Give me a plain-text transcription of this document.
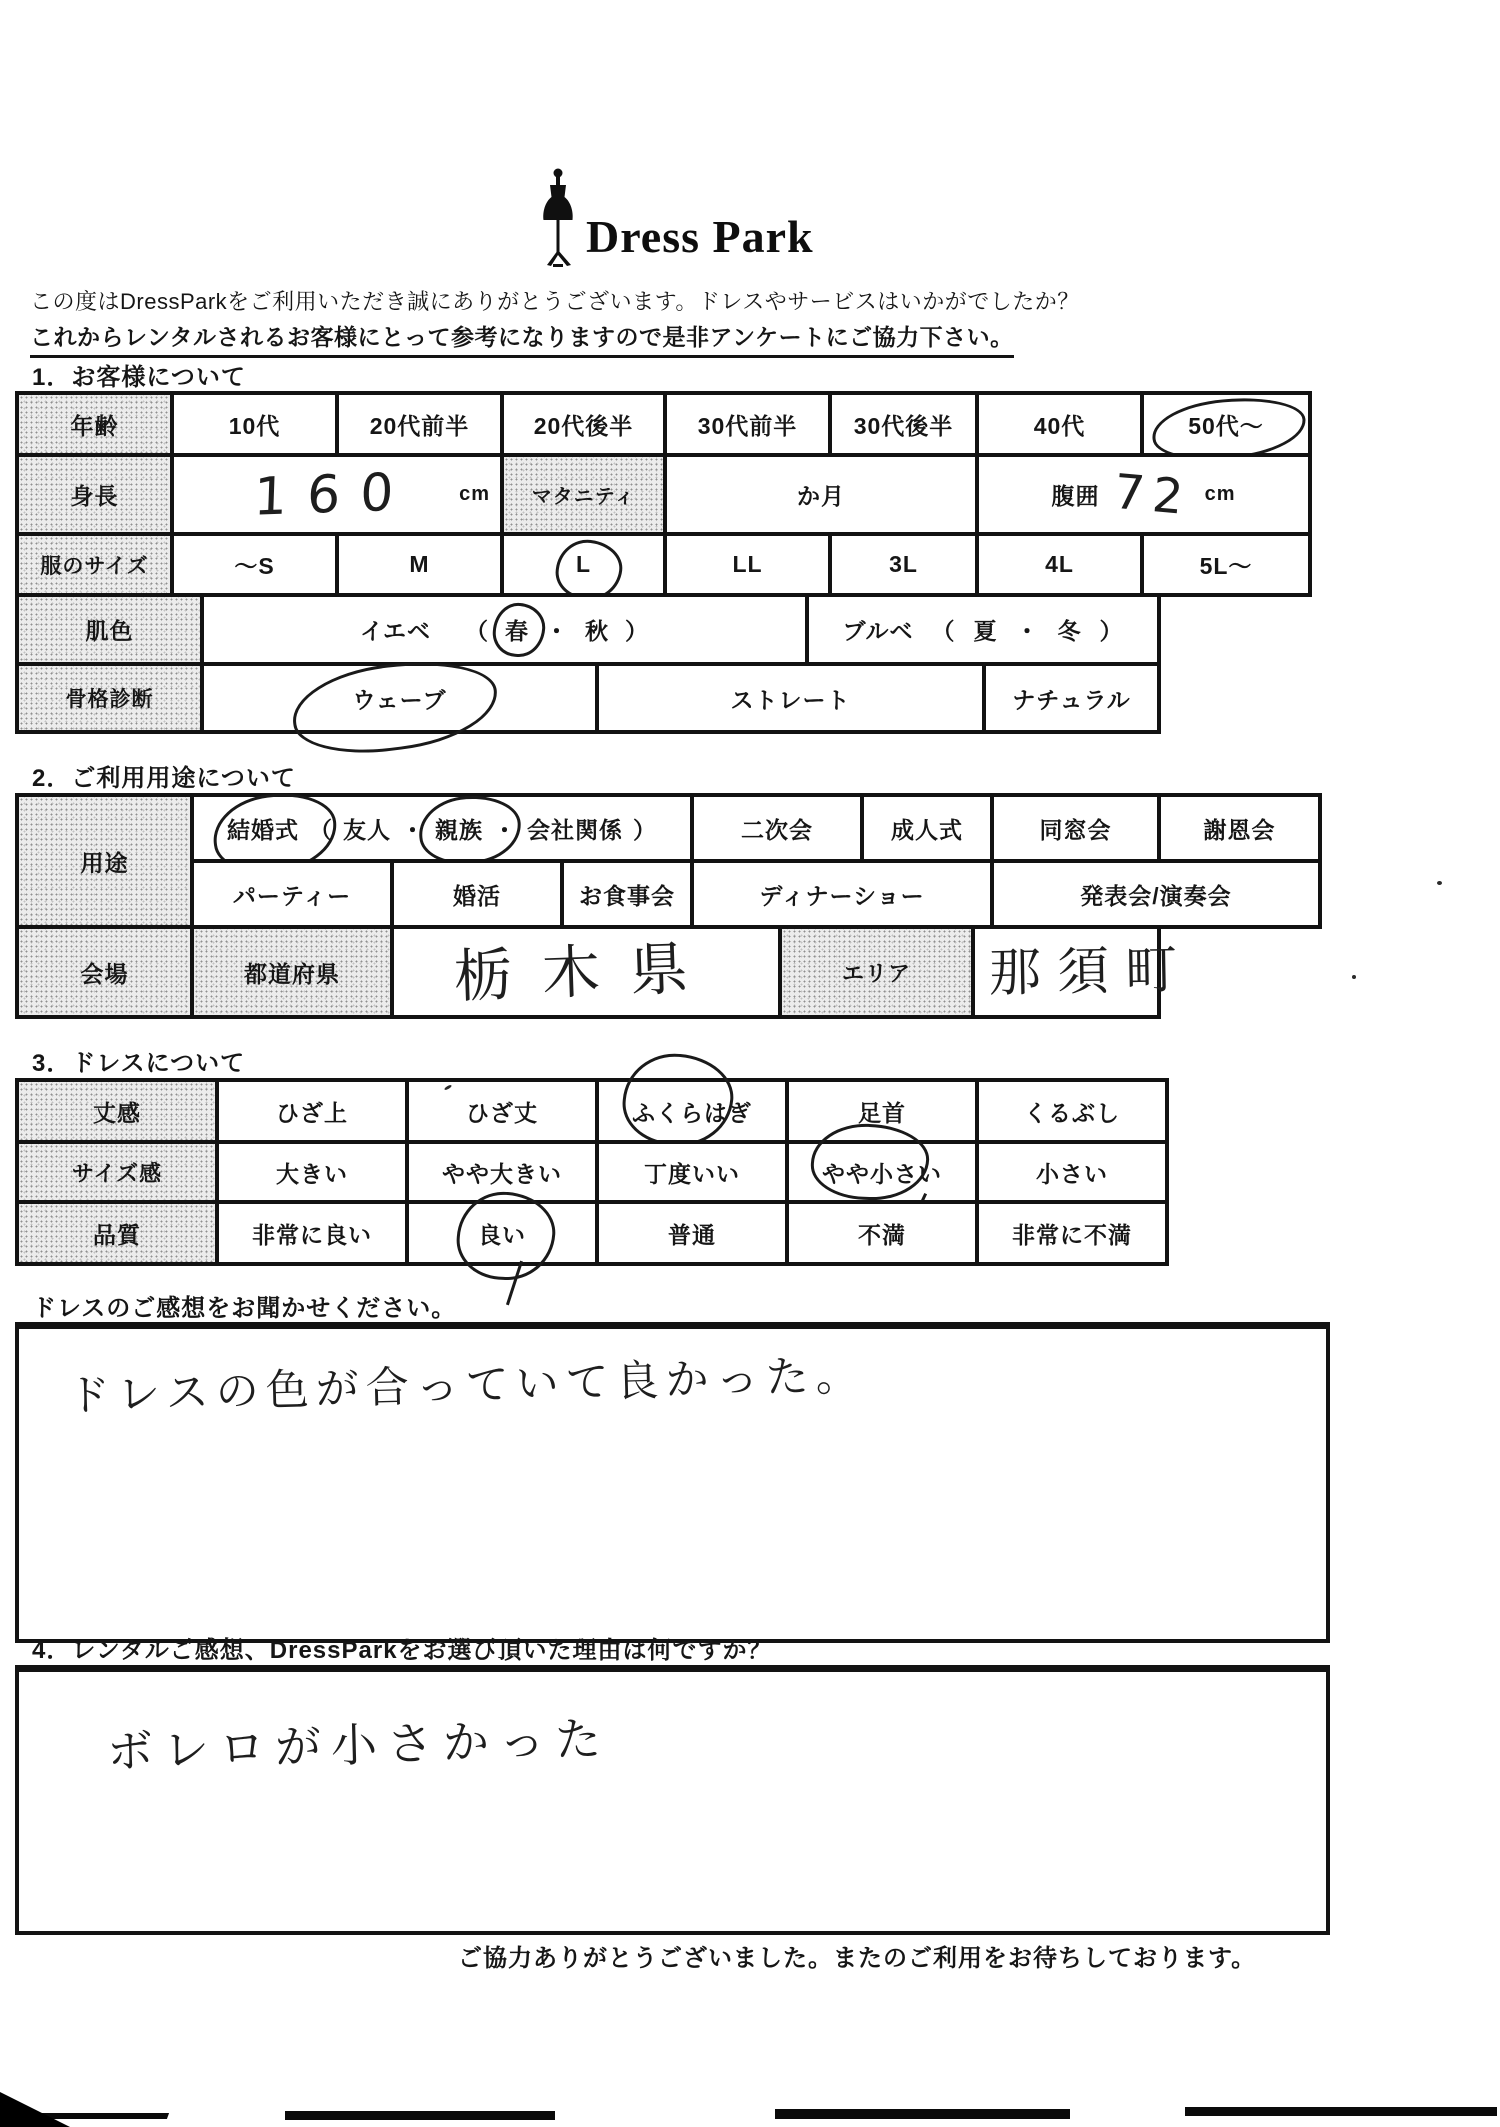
Dress Park
この度はDressParkをご利用いただき誠にありがとうございます。ドレスやサービスはいかがでしたか？
これからレンタルされるお客様にとって参考になりますので是非アンケートにご協力下さい。
1．お客様について
年齢	10代	20代前半	20代後半	30代前半 30代後半	40代	50代～
身長	160 cm マタニティ	か月	腹囲 72 cm
服のサイズ	～S	M	L	LL	3L	4L	5L～
肌色	イエベ （ 春 ・ 秋 ）	ブルベ （ 夏 ・ 冬 ）
骨格診断	ウェーブ	ストレート	ナチュラル
2．ご利用用途について
用途
結婚式 （ 友人 ・ 親族 ・ 会社関係 ）	二次会	成人式	同窓会	謝恩会
パーティー	婚活	お食事会	ディナーショー	発表会/演奏会
会場	都道府県 栃木県	エリア 那須町
3．ドレスについて
丈感	ひざ上	ひざ丈	ふくらはぎ	足首	くるぶし
サイズ感	大きい	やや大きい	丁度いい	やや小さい	小さい
品質	非常に良い	良い	普通	不満	非常に不満
ドレスのご感想をお聞かせください。
ドレスの色が合っていて良かった。
4．レンタルご感想、DressParkをお選び頂いた理由は何ですか？
ボレロが小さかった
ご協力ありがとうございました。またのご利用をお待ちしております。
